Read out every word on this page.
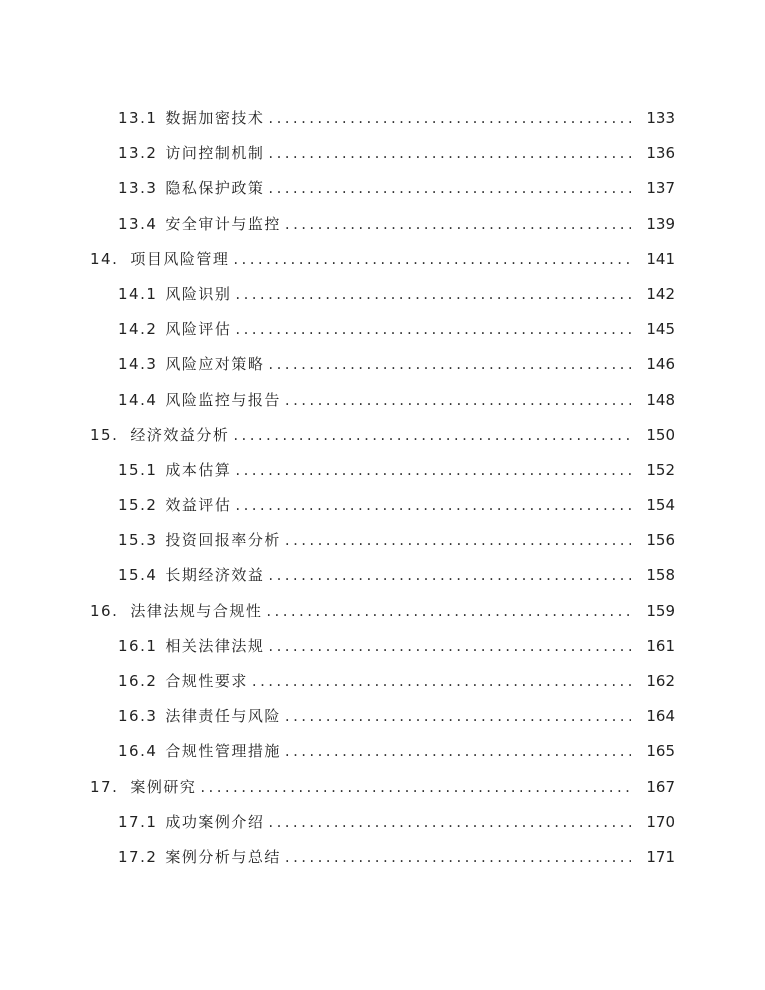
13.1 数据加密技术 .....	133
13.2 访问控制机制 .....	136
13.3 隐私保护政策 .....	137
13.4 安全审计与监控 .....	139
14. 项目风险管理 .....	141
14.1 风险识别 .....	142
14.2 风险评估 .....	145
14.3 风险应对策略 .....	146
14.4 风险监控与报告 .....	148
15. 经济效益分析 .....	150
15.1 成本估算 .....	152
15.2 效益评估 .....	154
15.3 投资回报率分析 .....	156
15.4 长期经济效益 .....	158
16. 法律法规与合规性 .....	159
16.1 相关法律法规 .....	161
16.2 合规性要求 .....	162
16.3 法律责任与风险 .....	164
16.4 合规性管理措施 .....	165
17. 案例研究 .....	167
17.1 成功案例介绍 .....	170
17.2 案例分析与总结 .....	171
